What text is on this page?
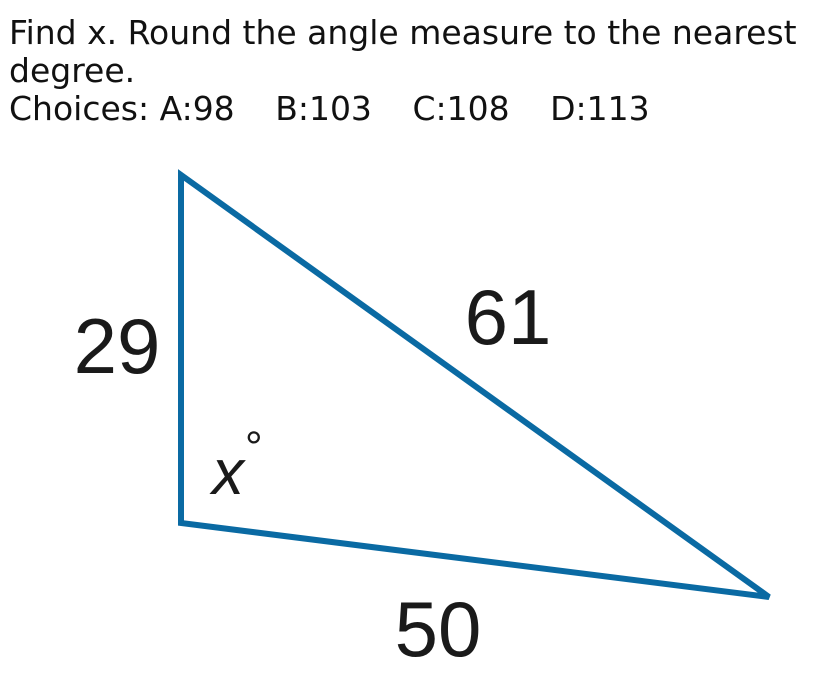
Find x. Round the angle measure to the nearest
degree.
Choices: A:98 B:103 C:108 D:113
29	61
50
x °
